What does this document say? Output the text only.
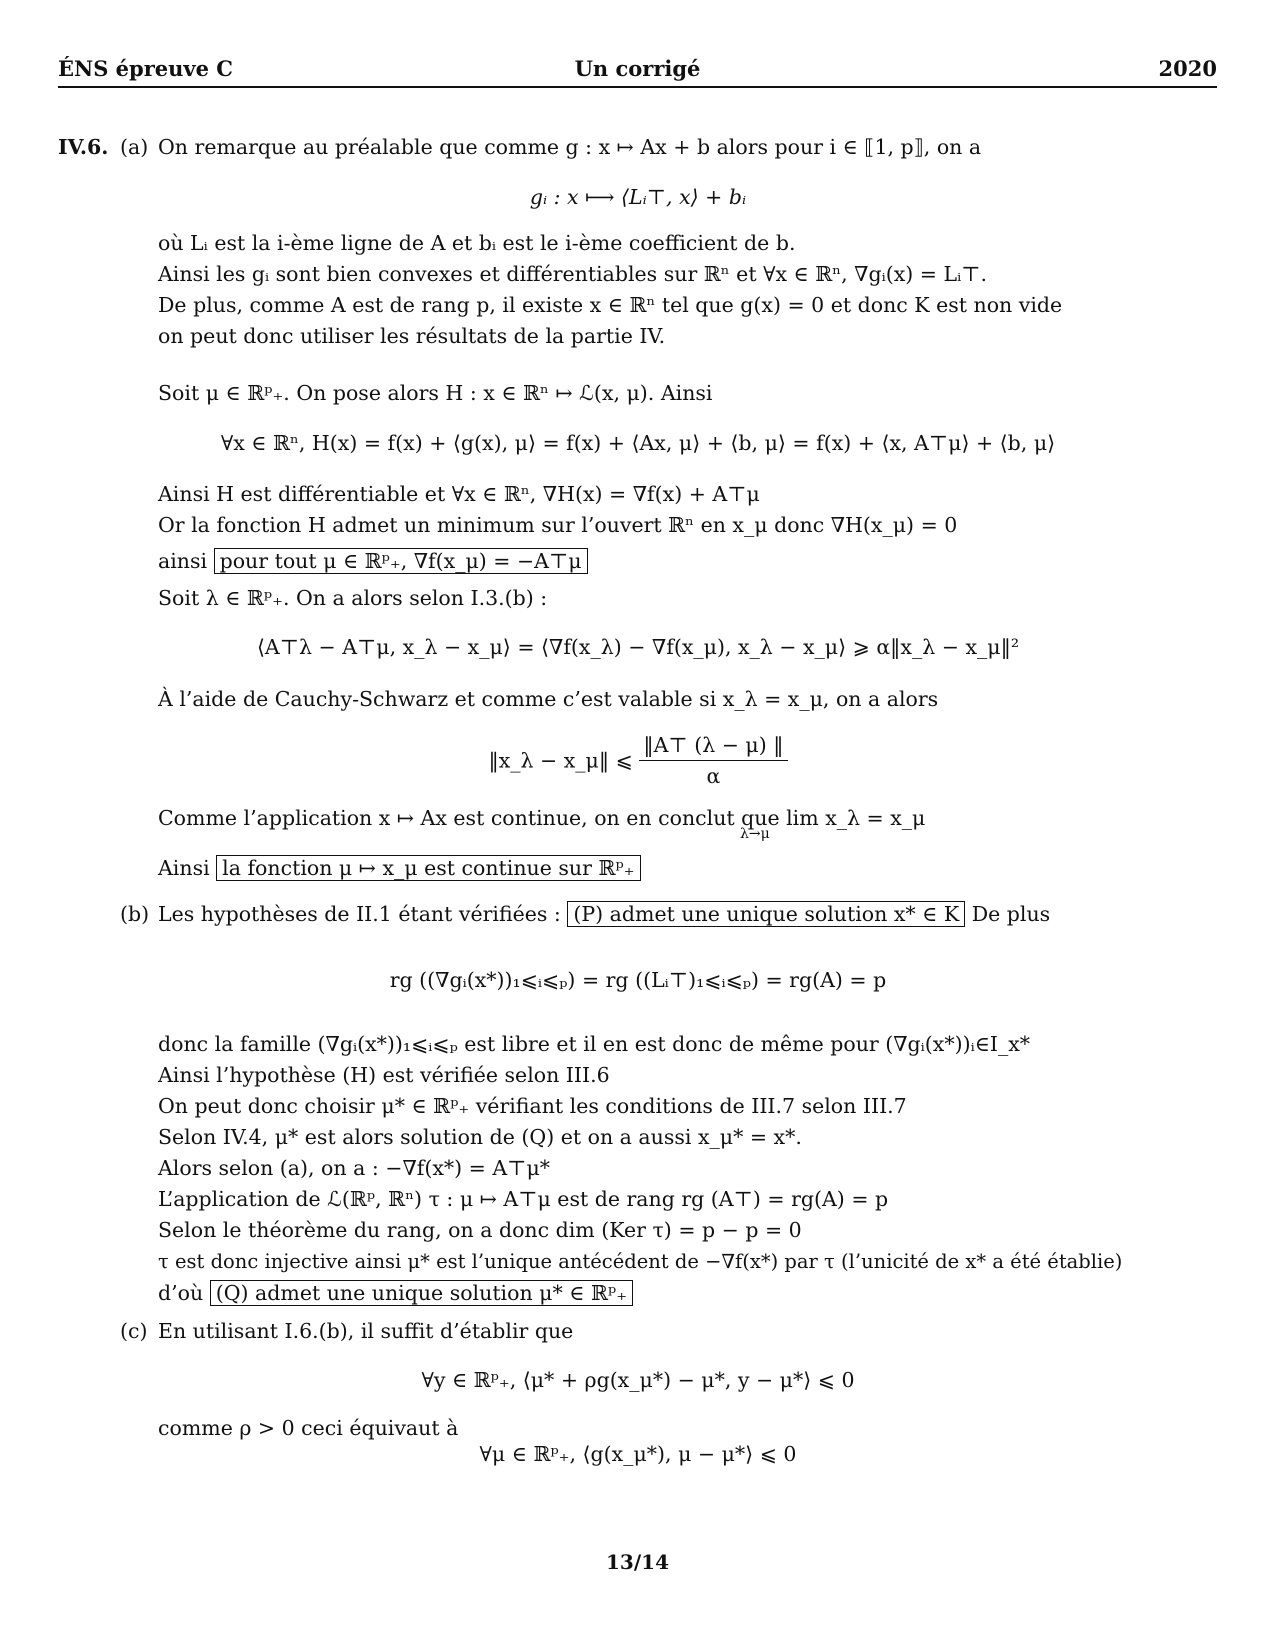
ÉNS épreuve C	Un corrigé	2020
IV.6. (a) On remarque au préalable que comme g : x ↦ Ax + b alors pour i ∈ ⟦1, p⟧, on a
gᵢ : x ⟼ ⟨Lᵢ⊤, x⟩ + bᵢ
où Lᵢ est la i-ème ligne de A et bᵢ est le i-ème coefficient de b.
Ainsi les gᵢ sont bien convexes et différentiables sur ℝⁿ et ∀x ∈ ℝⁿ, ∇gᵢ(x) = Lᵢ⊤.
De plus, comme A est de rang p, il existe x ∈ ℝⁿ tel que g(x) = 0 et donc K est non vide
on peut donc utiliser les résultats de la partie IV.
Soit μ ∈ ℝᵖ₊. On pose alors H : x ∈ ℝⁿ ↦ ℒ(x, μ). Ainsi
∀x ∈ ℝⁿ, H(x) = f(x) + ⟨g(x), μ⟩ = f(x) + ⟨Ax, μ⟩ + ⟨b, μ⟩ = f(x) + ⟨x, A⊤μ⟩ + ⟨b, μ⟩
Ainsi H est différentiable et ∀x ∈ ℝⁿ, ∇H(x) = ∇f(x) + A⊤μ
Or la fonction H admet un minimum sur l’ouvert ℝⁿ en x_μ donc ∇H(x_μ) = 0
ainsi pour tout μ ∈ ℝᵖ₊, ∇f(x_μ) = −A⊤μ
Soit λ ∈ ℝᵖ₊. On a alors selon I.3.(b) :
⟨A⊤λ − A⊤μ, x_λ − x_μ⟩ = ⟨∇f(x_λ) − ∇f(x_μ), x_λ − x_μ⟩ ⩾ α‖x_λ − x_μ‖²
À l’aide de Cauchy-Schwarz et comme c’est valable si x_λ = x_μ, on a alors
‖x_λ − x_μ‖ ⩽ $\frac{‖A⊤ (\lambda - \mu) ‖}{\alpha}$
Comme l’application x ↦ Ax est continue, on en conclut que lim x_λ = x_μ
λ→μ
Ainsi la fonction μ ↦ x_μ est continue sur ℝᵖ₊
(b) Les hypothèses de II.1 étant vérifiées : (P) admet une unique solution x* ∈ K De plus
rg ((∇gᵢ(x*))₁⩽ᵢ⩽ₚ) = rg ((Lᵢ⊤)₁⩽ᵢ⩽ₚ) = rg(A) = p
donc la famille (∇gᵢ(x*))₁⩽ᵢ⩽ₚ est libre et il en est donc de même pour (∇gᵢ(x*))ᵢ∈I_x*
Ainsi l’hypothèse (H) est vérifiée selon III.6
On peut donc choisir μ* ∈ ℝᵖ₊ vérifiant les conditions de III.7 selon III.7
Selon IV.4, μ* est alors solution de (Q) et on a aussi x_μ* = x*.
Alors selon (a), on a : −∇f(x*) = A⊤μ*
L’application de ℒ(ℝᵖ, ℝⁿ) τ : μ ↦ A⊤μ est de rang rg (A⊤) = rg(A) = p
Selon le théorème du rang, on a donc dim (Ker τ) = p − p = 0
τ est donc injective ainsi μ* est l’unique antécédent de −∇f(x*) par τ (l’unicité de x* a été établie)
d’où (Q) admet une unique solution μ* ∈ ℝᵖ₊
(c) En utilisant I.6.(b), il suffit d’établir que
∀y ∈ ℝᵖ₊, ⟨μ* + ρg(x_μ*) − μ*, y − μ*⟩ ⩽ 0
comme ρ > 0 ceci équivaut à
∀μ ∈ ℝᵖ₊, ⟨g(x_μ*), μ − μ*⟩ ⩽ 0
13/14
